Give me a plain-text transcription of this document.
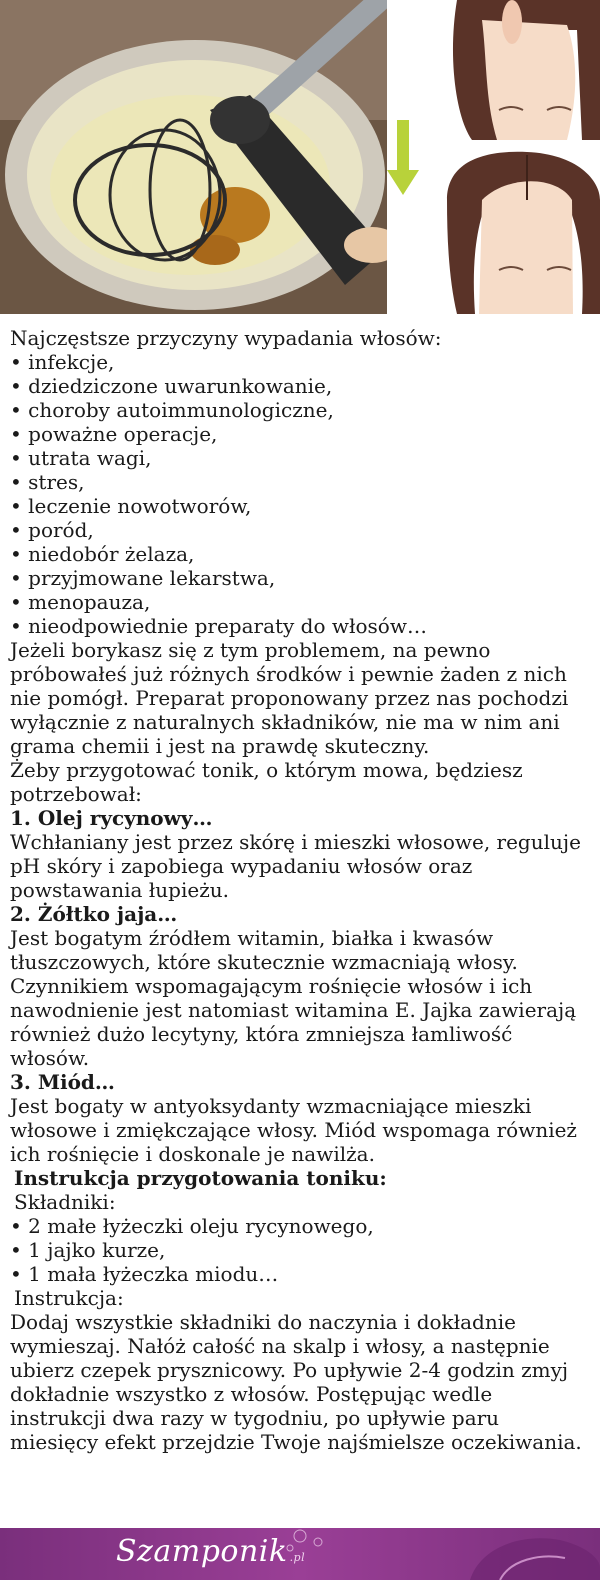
Najczęstsze przyczyny wypadania włosów:
• infekcje,
• dziedziczone uwarunkowanie,
• choroby autoimmunologiczne,
• poważne operacje,
• utrata wagi,
• stres,
• leczenie nowotworów,
• poród,
• niedobór żelaza,
• przyjmowane lekarstwa,
• menopauza,
• nieodpowiednie preparaty do włosów…
Jeżeli borykasz się z tym problemem, na pewno próbowałeś już różnych środków i pewnie żaden z nich nie pomógł. Preparat proponowany przez nas pochodzi wyłącznie z naturalnych składników, nie ma w nim ani grama chemii i jest na prawdę skuteczny.
Żeby przygotować tonik, o którym mowa, będziesz potrzebował:
1. Olej rycynowy…
Wchłaniany jest przez skórę i mieszki włosowe, reguluje pH skóry i zapobiega wypadaniu włosów oraz powstawania łupieżu.
2. Żółtko jaja…
Jest bogatym źródłem witamin, białka i kwasów tłuszczowych, które skutecznie wzmacniają włosy. Czynnikiem wspomagającym rośnięcie włosów i ich nawodnienie jest natomiast witamina E. Jajka zawierają również dużo lecytyny, która zmniejsza łamliwość włosów.
3. Miód…
Jest bogaty w antyoksydanty wzmacniające mieszki włosowe i zmiękczające włosy. Miód wspomaga również ich rośnięcie i doskonale je nawilża.
Instrukcja przygotowania toniku:
Składniki:
• 2 małe łyżeczki oleju rycynowego,
• 1 jajko kurze,
• 1 mała łyżeczka miodu…
Instrukcja:
Dodaj wszystkie składniki do naczynia i dokładnie wymieszaj. Nałóż całość na skalp i włosy, a następnie ubierz czepek prysznicowy. Po upływie 2-4 godzin zmyj dokładnie wszystko z włosów. Postępując wedle instrukcji dwa razy w tygodniu, po upływie paru miesięcy efekt przejdzie Twoje najśmielsze oczekiwania.
Szamponik .pl
